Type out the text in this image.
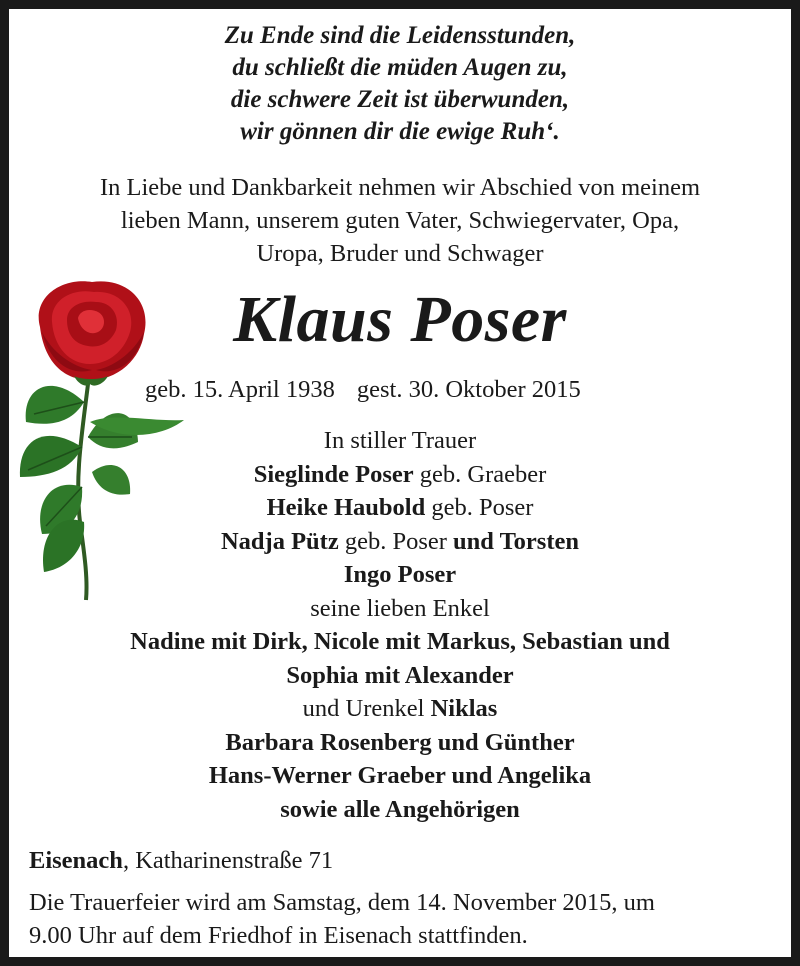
Zu Ende sind die Leidensstunden,
du schließt die müden Augen zu,
die schwere Zeit ist überwunden,
wir gönnen dir die ewige Ruh‘.
In Liebe und Dankbarkeit nehmen wir Abschied von meinem
lieben Mann, unserem guten Vater, Schwiegervater, Opa,
Uropa, Bruder und Schwager
Klaus Poser
geb. 15. April 1938 gest. 30. Oktober 2015
In stiller Trauer
Sieglinde Poser geb. Graeber
Heike Haubold geb. Poser
Nadja Pütz geb. Poser und Torsten
Ingo Poser
seine lieben Enkel
Nadine mit Dirk, Nicole mit Markus, Sebastian und
Sophia mit Alexander
und Urenkel Niklas
Barbara Rosenberg und Günther
Hans-Werner Graeber und Angelika
sowie alle Angehörigen
Eisenach, Katharinenstraße 71
Die Trauerfeier wird am Samstag, dem 14. November 2015, um
9.00 Uhr auf dem Friedhof in Eisenach stattfinden.
